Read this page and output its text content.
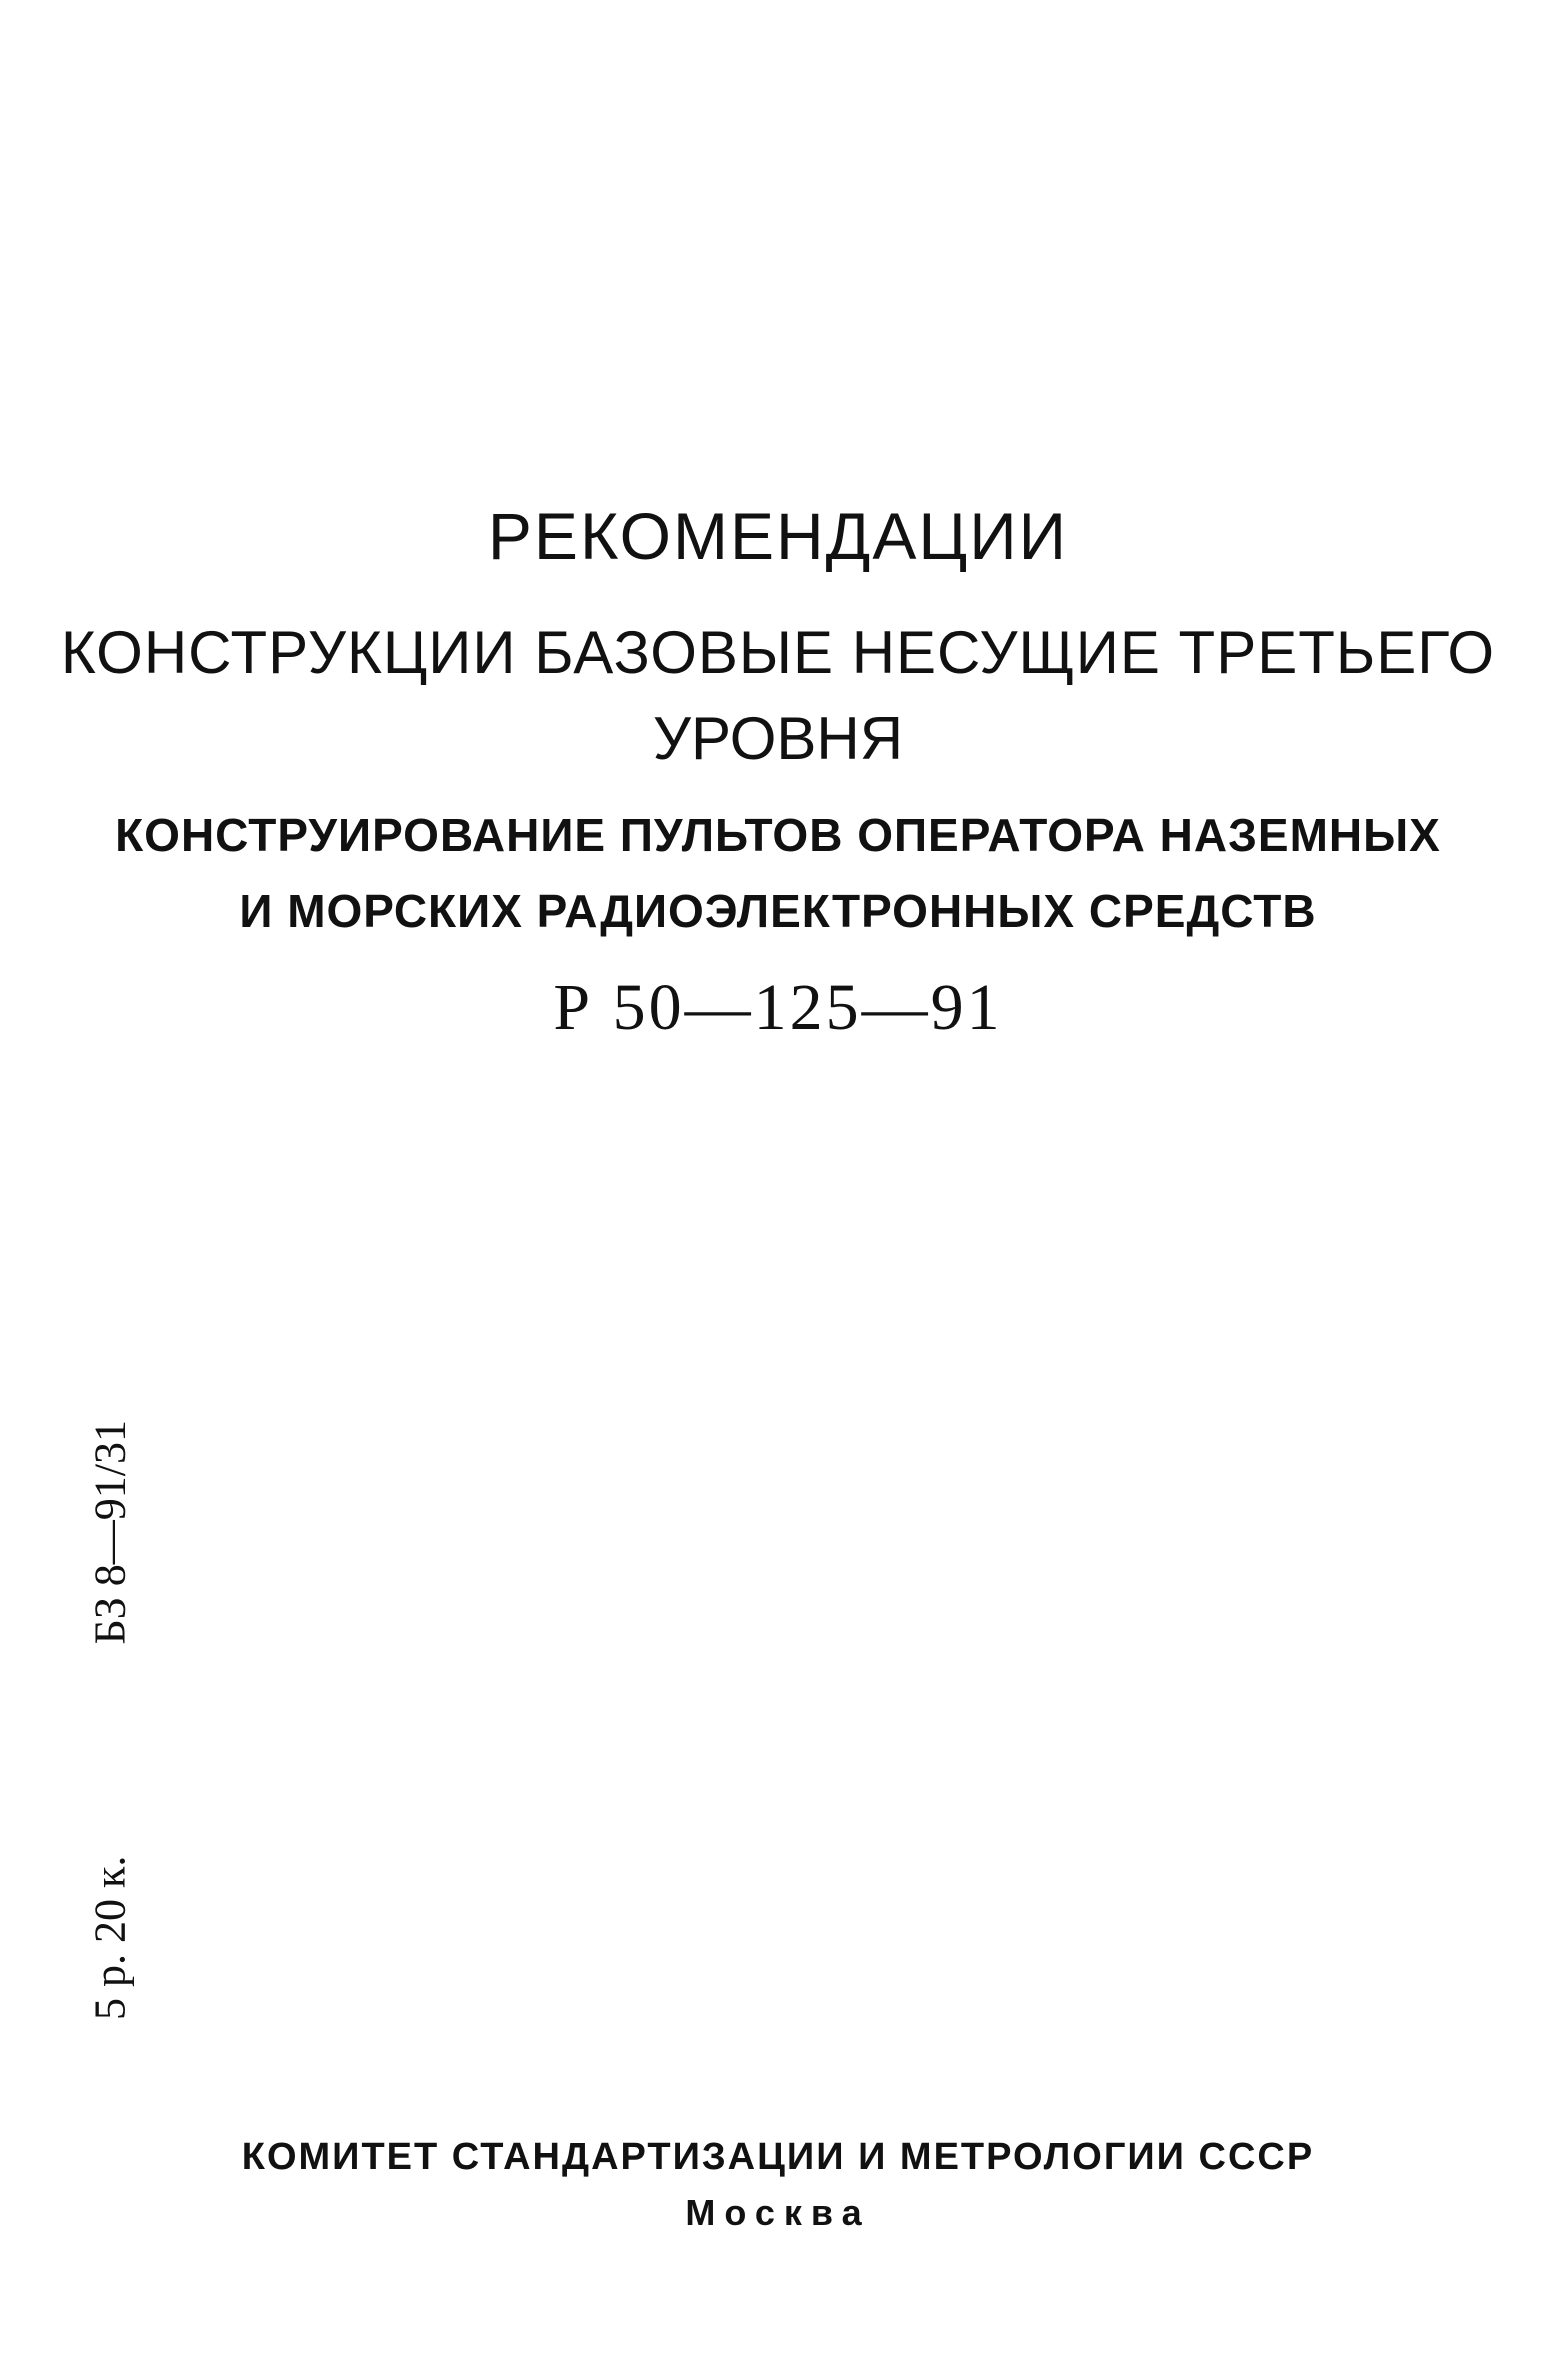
РЕКОМЕНДАЦИИ
КОНСТРУКЦИИ БАЗОВЫЕ НЕСУЩИЕ ТРЕТЬЕГО
УРОВНЯ
КОНСТРУИРОВАНИЕ ПУЛЬТОВ ОПЕРАТОРА НАЗЕМНЫХ
И МОРСКИХ РАДИОЭЛЕКТРОННЫХ СРЕДСТВ
Р 50—125—91
5 р. 20 к.
БЗ 8—91/31
КОМИТЕТ СТАНДАРТИЗАЦИИ И МЕТРОЛОГИИ СССР
Москва
